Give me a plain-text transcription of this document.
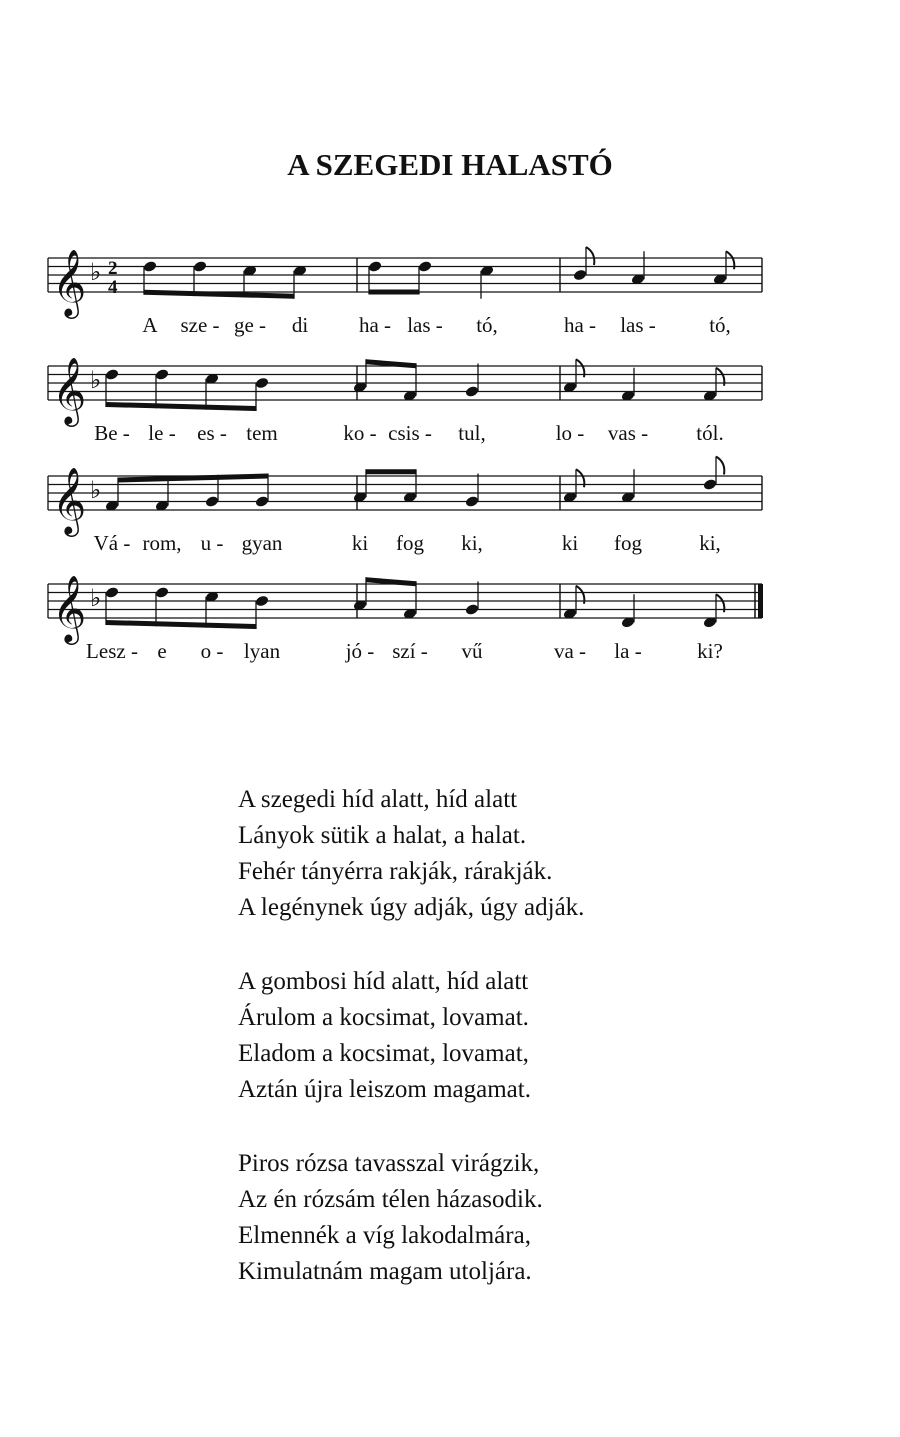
A SZEGEDI HALASTÓ
𝄞 ♭ 2
4
A sze - ge - di ha - las - tó,	ha - las -	tó,
𝄞 ♭
Be - le - es - tem	ko - csis - tul,	lo - vas - tól.
𝄞 ♭
Vá - rom, u - gyan	ki fog ki,	ki fog	ki,
𝄞 ♭
Lesz - e o - lyan	jó - szí - vű	va - la -	ki?
A szegedi híd alatt, híd alatt
Lányok sütik a halat, a halat.
Fehér tányérra rakják, rárakják.
A legénynek úgy adják, úgy adják.
A gombosi híd alatt, híd alatt
Árulom a kocsimat, lovamat.
Eladom a kocsimat, lovamat,
Aztán újra leiszom magamat.
Piros rózsa tavasszal virágzik,
Az én rózsám télen házasodik.
Elmennék a víg lakodalmára,
Kimulatnám magam utoljára.
